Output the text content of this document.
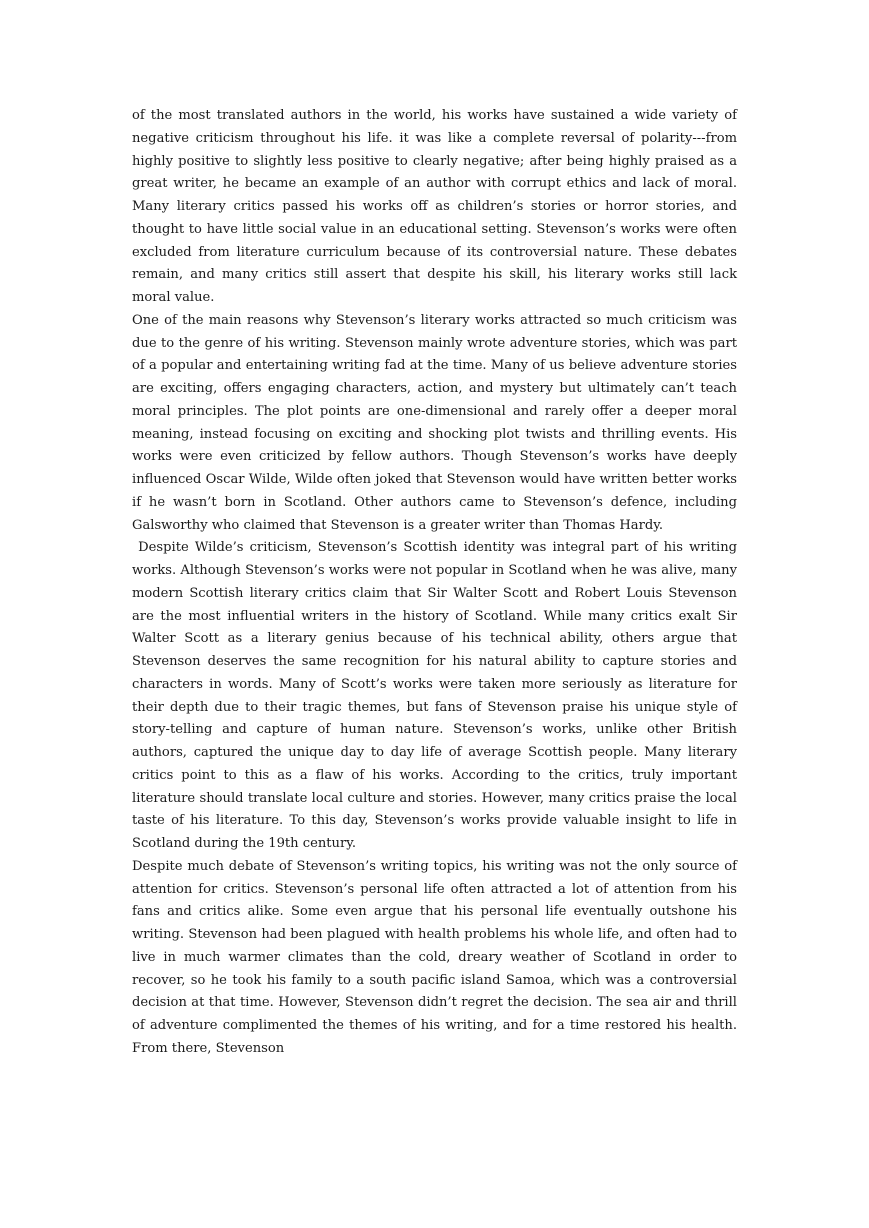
of the most translated authors in the world, his works have sustained a wide variety of negative criticism throughout his life. it was like a complete reversal of polarity---from highly positive to slightly less positive to clearly negative; after being highly praised as a great writer, he became an example of an author with corrupt ethics and lack of moral. Many literary critics passed his works off as children’s stories or horror stories, and thought to have little social value in an educational setting. Stevenson’s works were often excluded from literature curriculum because of its controversial nature. These debates remain, and many critics still assert that despite his skill, his literary works still lack moral value.

One of the main reasons why Stevenson’s literary works attracted so much criticism was due to the genre of his writing. Stevenson mainly wrote adventure stories, which was part of a popular and entertaining writing fad at the time. Many of us believe adventure stories are exciting, offers engaging characters, action, and mystery but ultimately can’t teach moral principles. The plot points are one-dimensional and rarely offer a deeper moral meaning, instead focusing on exciting and shocking plot twists and thrilling events. His works were even criticized by fellow authors. Though Stevenson’s works have deeply influenced Oscar Wilde, Wilde often joked that Stevenson would have written better works if he wasn’t born in Scotland. Other authors came to Stevenson’s defence, including Galsworthy who claimed that Stevenson is a greater writer than Thomas Hardy.

Despite Wilde’s criticism, Stevenson’s Scottish identity was integral part of his writing works. Although Stevenson’s works were not popular in Scotland when he was alive, many modern Scottish literary critics claim that Sir Walter Scott and Robert Louis Stevenson are the most influential writers in the history of Scotland. While many critics exalt Sir Walter Scott as a literary genius because of his technical ability, others argue that Stevenson deserves the same recognition for his natural ability to capture stories and characters in words. Many of Scott’s works were taken more seriously as literature for their depth due to their tragic themes, but fans of Stevenson praise his unique style of story-telling and capture of human nature. Stevenson’s works, unlike other British authors, captured the unique day to day life of average Scottish people. Many literary critics point to this as a flaw of his works. According to the critics, truly important literature should translate local culture and stories. However, many critics praise the local taste of his literature. To this day, Stevenson’s works provide valuable insight to life in Scotland during the 19th century.

Despite much debate of Stevenson’s writing topics, his writing was not the only source of attention for critics. Stevenson’s personal life often attracted a lot of attention from his fans and critics alike. Some even argue that his personal life eventually outshone his writing. Stevenson had been plagued with health problems his whole life, and often had to live in much warmer climates than the cold, dreary weather of Scotland in order to recover, so he took his family to a south pacific island Samoa, which was a controversial decision at that time. However, Stevenson didn’t regret the decision. The sea air and thrill of adventure complimented the themes of his writing, and for a time restored his health. From there, Stevenson
